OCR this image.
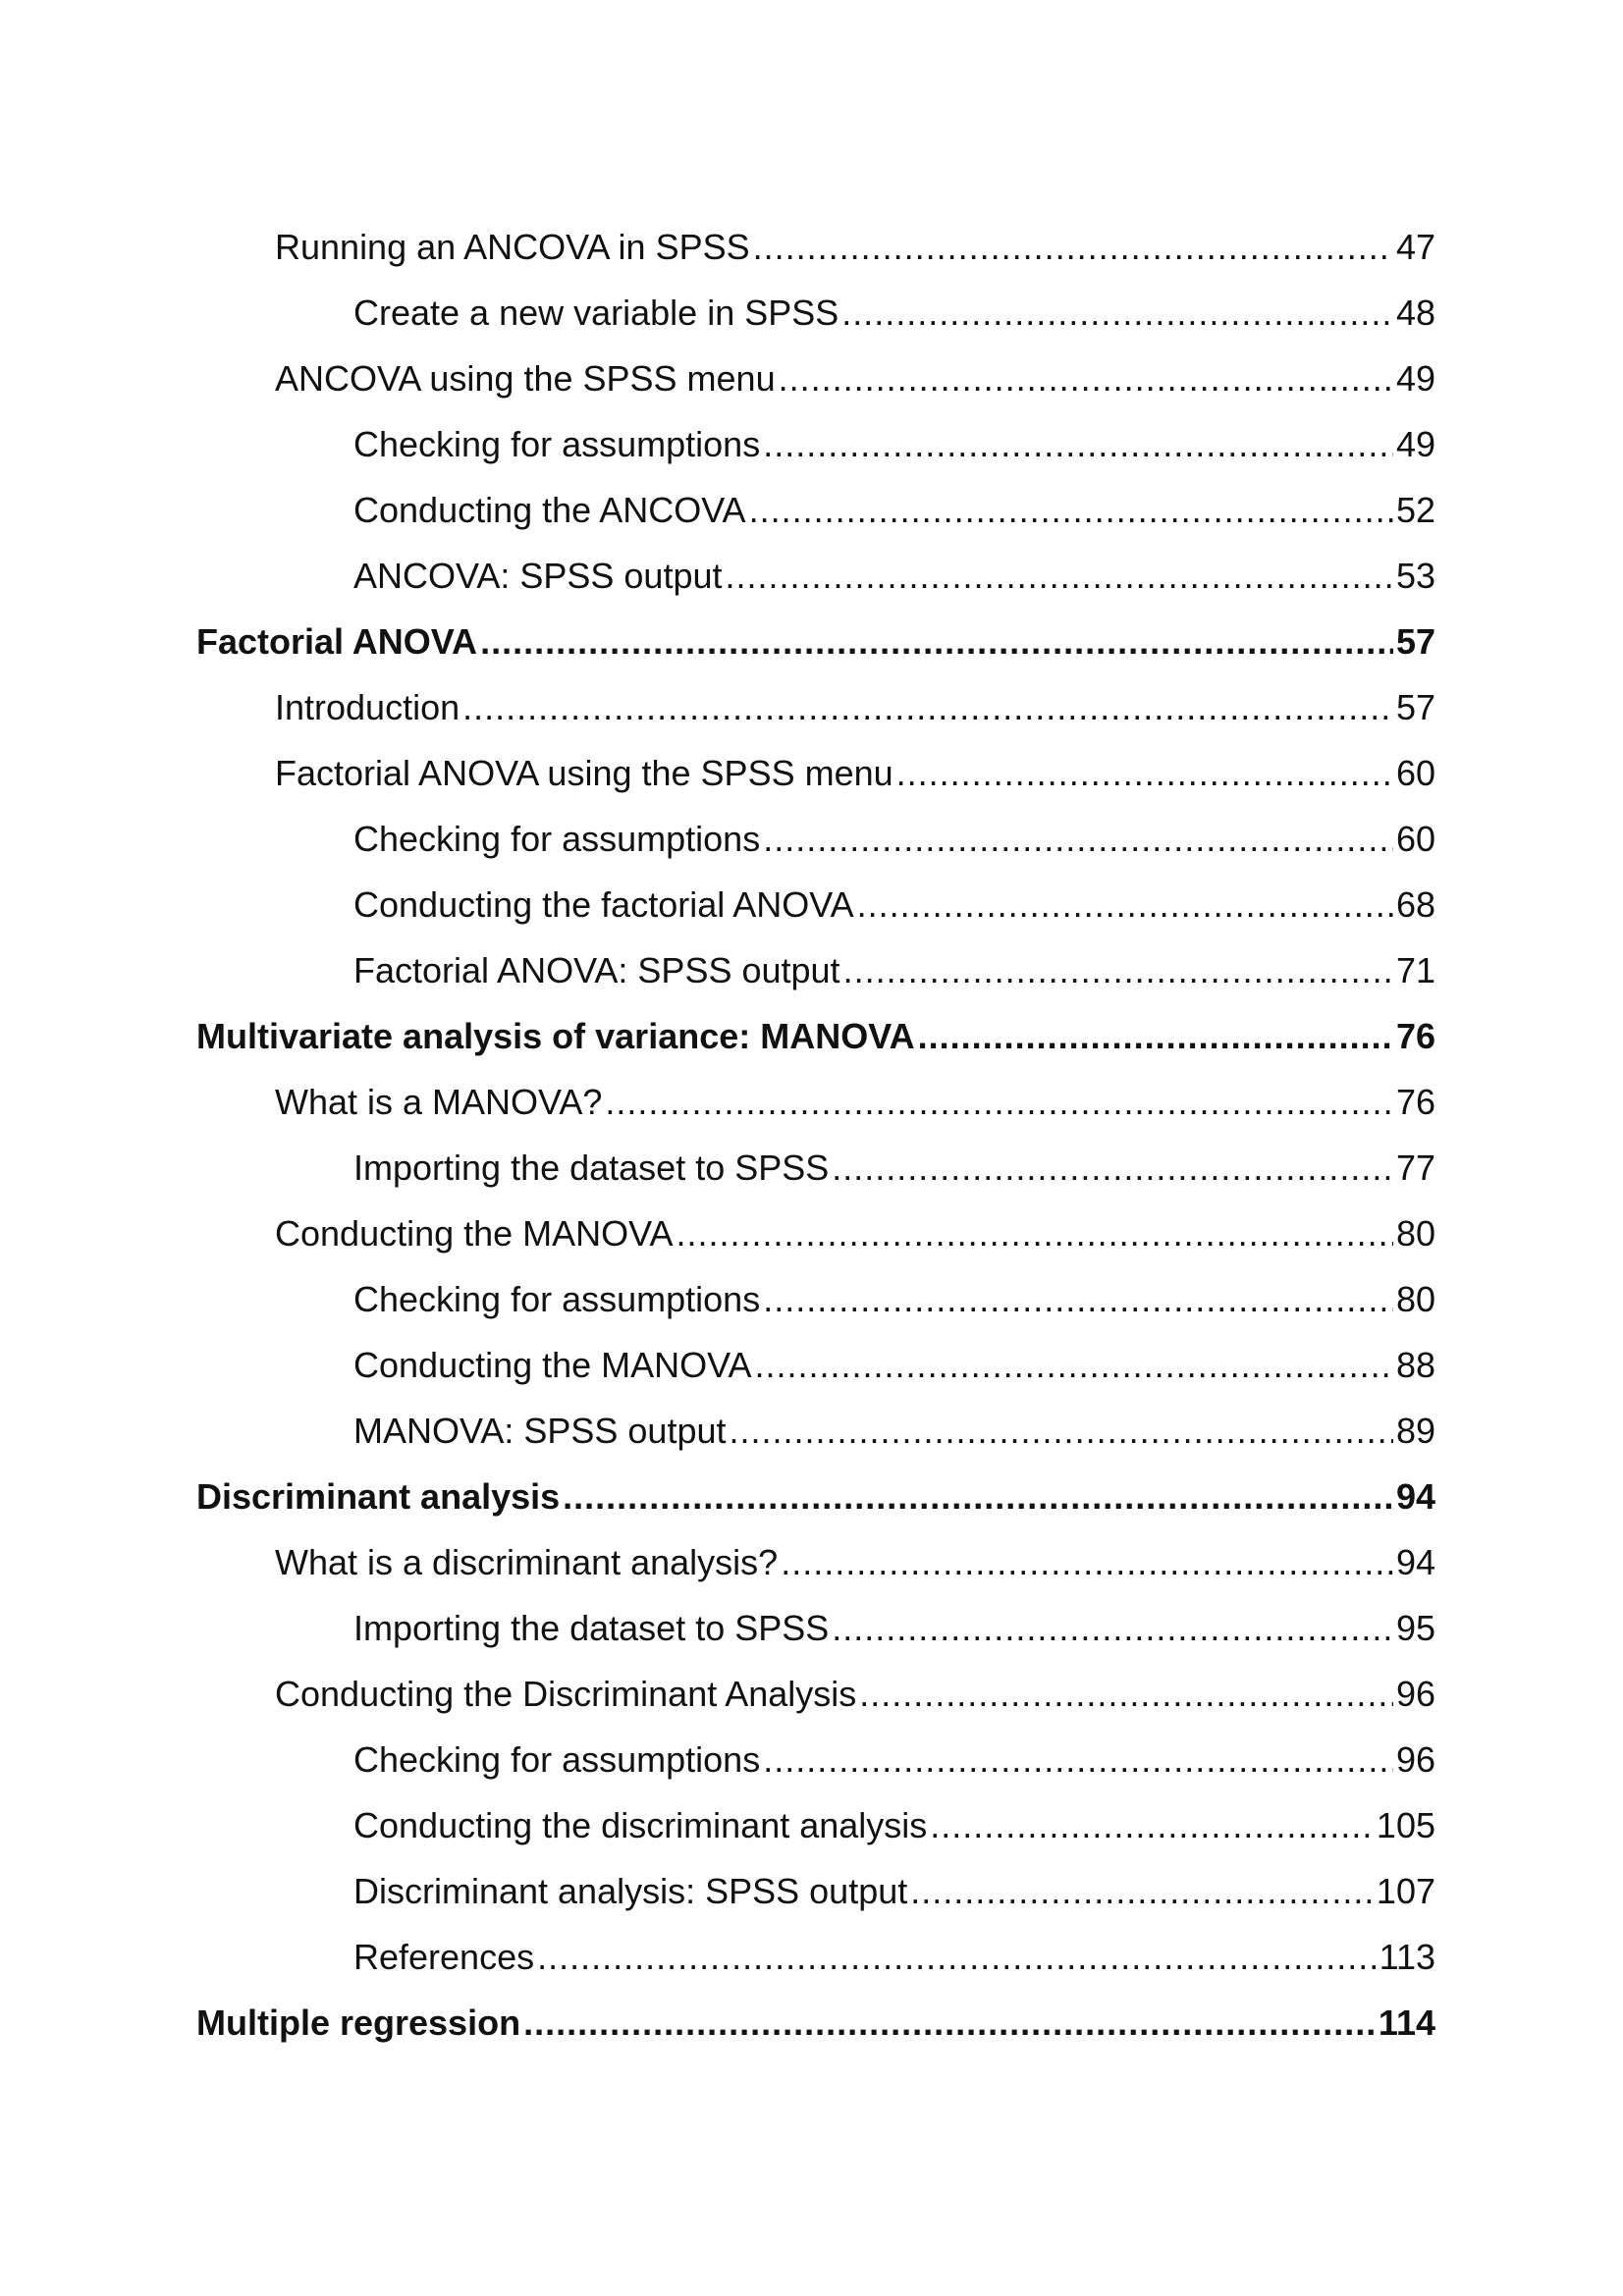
Running an ANCOVA in SPSS .....	47
Create a new variable in SPSS .....	48
ANCOVA using the SPSS menu .....	49
Checking for assumptions .....	49
Conducting the ANCOVA .....	52
ANCOVA: SPSS output .....	53
Factorial ANOVA .....	57
Introduction .....	57
Factorial ANOVA using the SPSS menu .....	60
Checking for assumptions .....	60
Conducting the factorial ANOVA .....	68
Factorial ANOVA: SPSS output .....	71
Multivariate analysis of variance: MANOVA .....	76
What is a MANOVA? .....	76
Importing the dataset to SPSS .....	77
Conducting the MANOVA .....	80
Checking for assumptions .....	80
Conducting the MANOVA .....	88
MANOVA: SPSS output .....	89
Discriminant analysis .....	94
What is a discriminant analysis? .....	94
Importing the dataset to SPSS .....	95
Conducting the Discriminant Analysis .....	96
Checking for assumptions .....	96
Conducting the discriminant analysis .....	105
Discriminant analysis: SPSS output .....	107
References .....	113
Multiple regression .....	114
